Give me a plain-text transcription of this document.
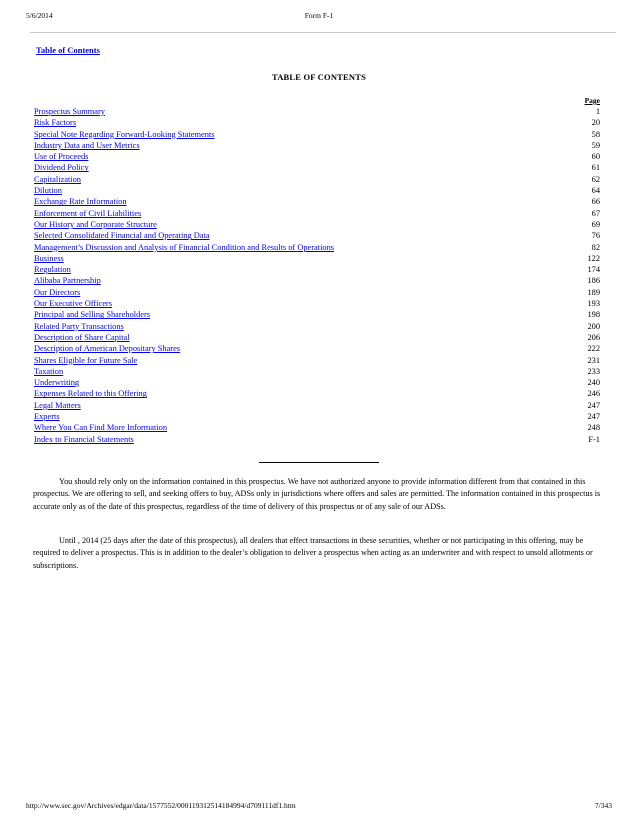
5/6/2014	Form F-1
Table of Contents
TABLE OF CONTENTS
Page
Prospectus Summary	1
Risk Factors	20
Special Note Regarding Forward-Looking Statements	58
Industry Data and User Metrics	59
Use of Proceeds	60
Dividend Policy	61
Capitalization	62
Dilution	64
Exchange Rate Information	66
Enforcement of Civil Liabilities	67
Our History and Corporate Structure	69
Selected Consolidated Financial and Operating Data	76
Management’s Discussion and Analysis of Financial Condition and Results of Operations	82
Business	122
Regulation	174
Alibaba Partnership	186
Our Directors	189
Our Executive Officers	193
Principal and Selling Shareholders	198
Related Party Transactions	200
Description of Share Capital	206
Description of American Depositary Shares	222
Shares Eligible for Future Sale	231
Taxation	233
Underwriting	240
Expenses Related to this Offering	246
Legal Matters	247
Experts	247
Where You Can Find More Information	248
Index to Financial Statements	F-1

You should rely only on the information contained in this prospectus. We have not authorized anyone to provide information different from that contained in this prospectus. We are offering to sell, and seeking offers to buy, ADSs only in jurisdictions where offers and sales are permitted. The information contained in this prospectus is accurate only as of the date of this prospectus, regardless of the time of delivery of this prospectus or of any sale of our ADSs.

Until , 2014 (25 days after the date of this prospectus), all dealers that effect transactions in these securities, whether or not participating in this offering, may be required to deliver a prospectus. This is in addition to the dealer’s obligation to deliver a prospectus when acting as an underwriter and with respect to unsold allotments or subscriptions.

http://www.sec.gov/Archives/edgar/data/1577552/000119312514184994/d709111df1.htm	7/343
